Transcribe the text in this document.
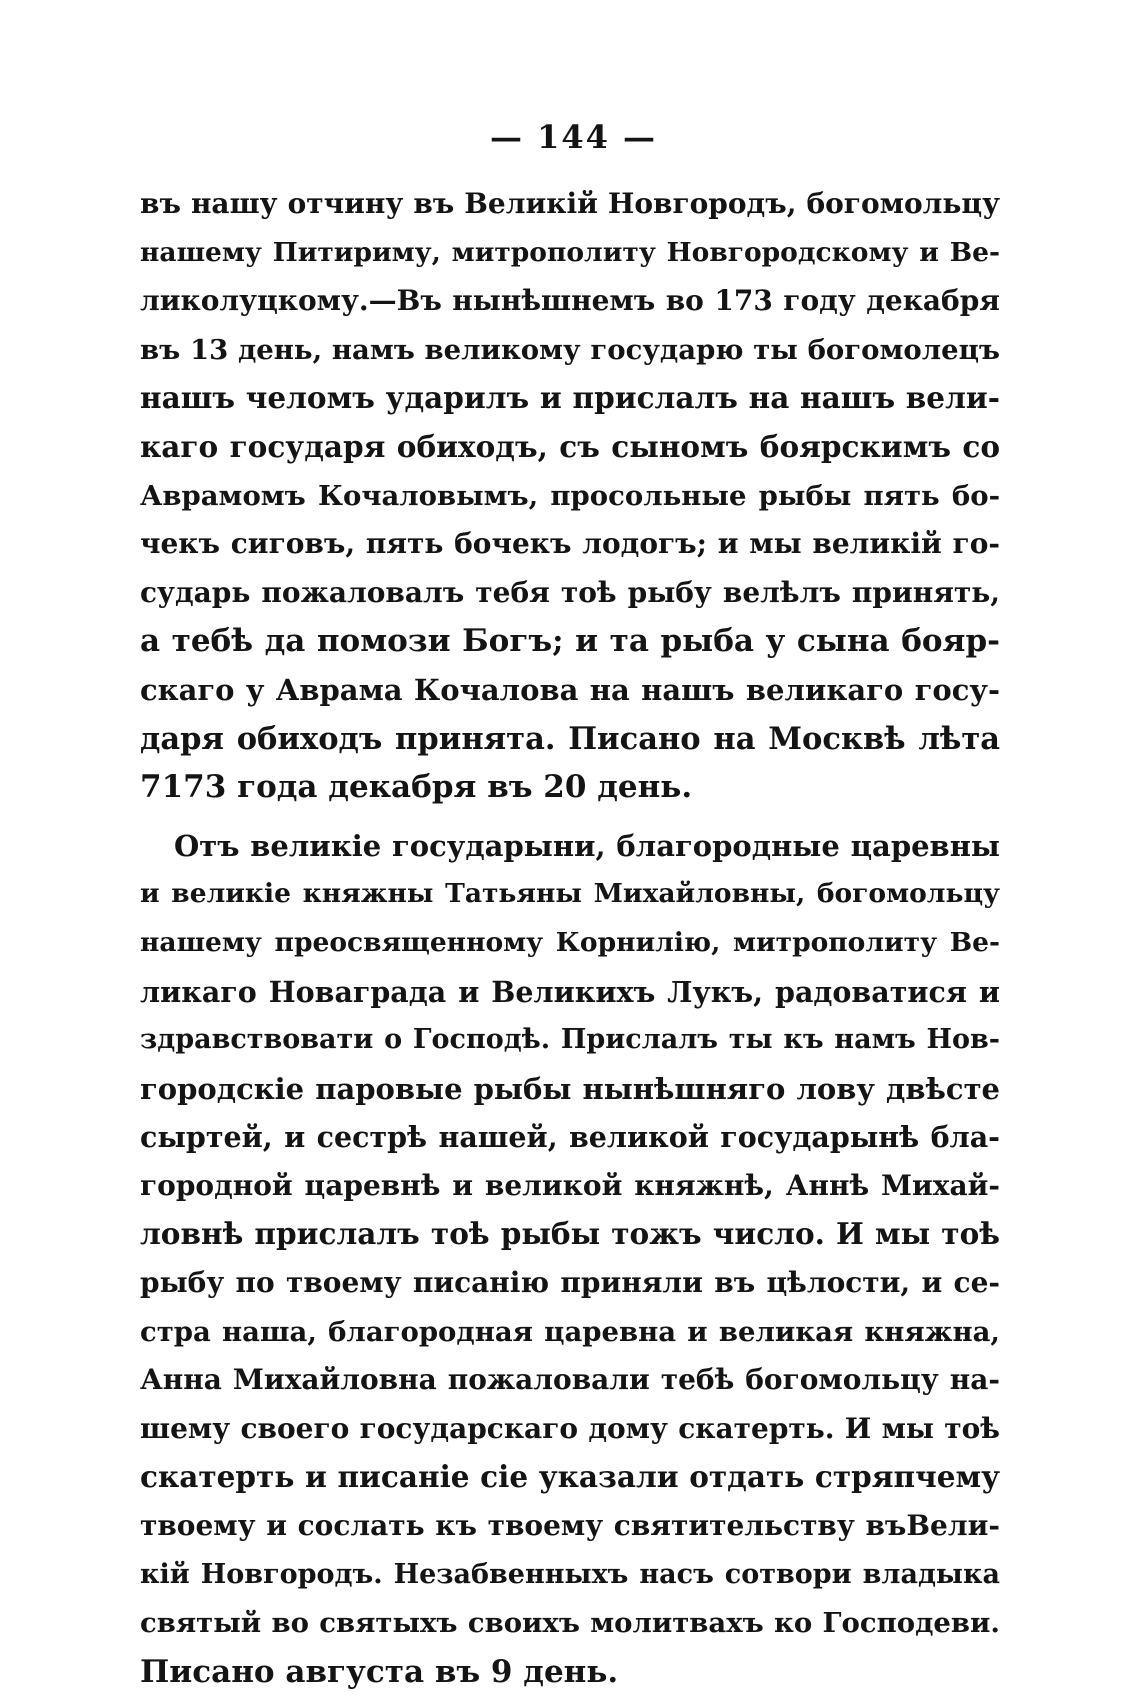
— 144 —
въ нашу отчину въ Великій Новгородъ, богомольцу
нашему Питириму, митрополиту Новгородскому и Ве-
ликолуцкому.—Въ нынѣшнемъ во 173 году декабря
въ 13 день, намъ великому государю ты богомолецъ
нашъ челомъ ударилъ и прислалъ на нашъ вели-
каго государя обиходъ, съ сыномъ боярскимъ со
Аврамомъ Кочаловымъ, просольные рыбы пять бо-
чекъ сиговъ, пять бочекъ лодогъ; и мы великій го-
сударь пожаловалъ тебя тоѣ рыбу велѣлъ принять,
а тебѣ да помози Богъ; и та рыба у сына бояр-
скаго у Аврама Кочалова на нашъ великаго госу-
даря обиходъ принята. Писано на Москвѣ лѣта
7173 года декабря въ 20 день.
Отъ великіе государыни, благородные царевны
и великіе княжны Татьяны Михайловны, богомольцу
нашему преосвященному Корнилію, митрополиту Ве-
ликаго Новаграда и Великихъ Лукъ, радоватися и
здравствовати о Господѣ. Прислалъ ты къ намъ Нов-
городскіе паровые рыбы нынѣшняго лову двѣсте
сыртей, и сестрѣ нашей, великой государынѣ бла-
городной царевнѣ и великой княжнѣ, Аннѣ Михай-
ловнѣ прислалъ тоѣ рыбы тожъ число. И мы тоѣ
рыбу по твоему писанію приняли въ цѣлости, и се-
стра наша, благородная царевна и великая княжна,
Анна Михайловна пожаловали тебѣ богомольцу на-
шему своего государскаго дому скатерть. И мы тоѣ
скатерть и писаніе сіе указали отдать стряпчему
твоему и сослать къ твоему святительству въВели-
кій Новгородъ. Незабвенныхъ насъ сотвори владыка
святый во святыхъ своихъ молитвахъ ко Господеви.
Писано августа въ 9 день.
